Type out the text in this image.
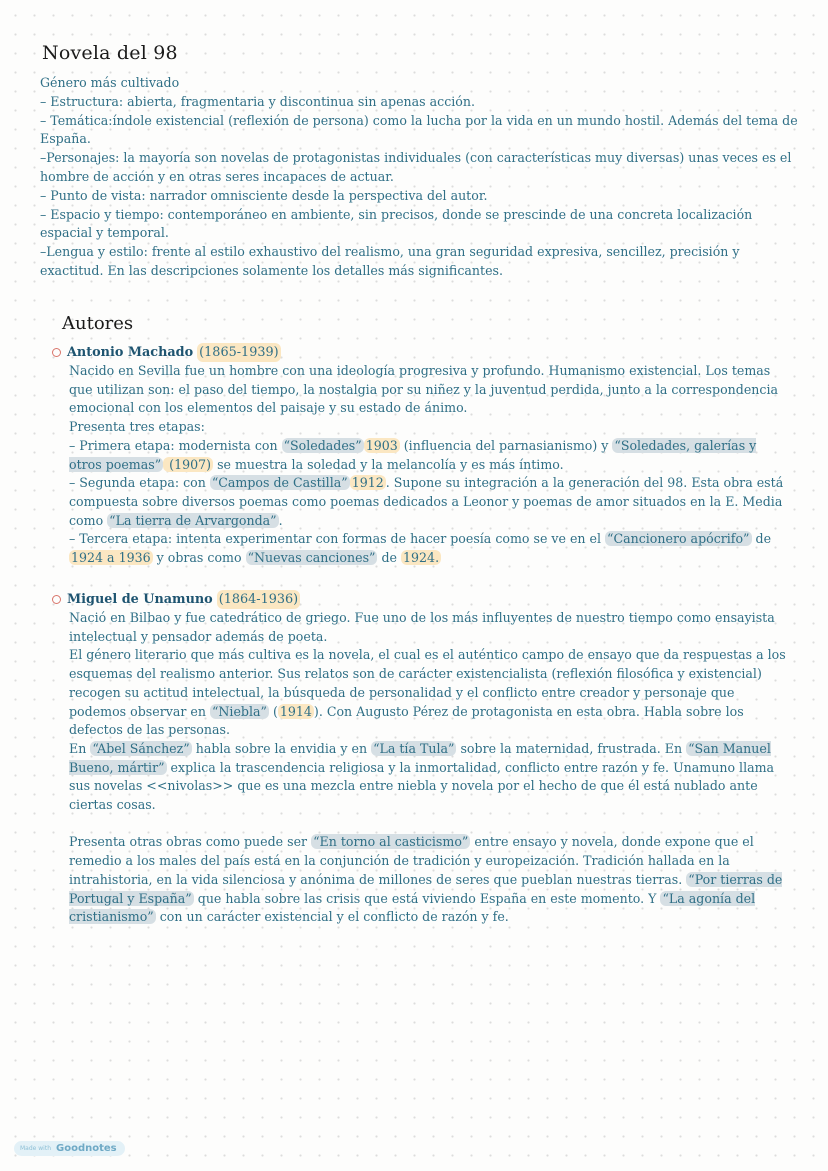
Novela del 98

Género más cultivado

– Estructura: abierta, fragmentaria y discontinua sin apenas acción.

– Temática:índole existencial (reflexión de persona) como la lucha por la vida en un mundo hostil. Además del tema de España.

–Personajes: la mayoría son novelas de protagonistas individuales (con características muy diversas) unas veces es el hombre de acción y en otras seres incapaces de actuar.

– Punto de vista: narrador omnisciente desde la perspectiva del autor.

– Espacio y tiempo: contemporáneo en ambiente, sin precisos, donde se prescinde de una concreta localización espacial y temporal.

–Lengua y estilo: frente al estilo exhaustivo del realismo, una gran seguridad expresiva, sencillez, precisión y exactitud. En las descripciones solamente los detalles más significantes.

Autores
Antonio Machado (1865-1939)

Nacido en Sevilla fue un hombre con una ideología progresiva y profundo. Humanismo existencial. Los temas que utilizan son: el paso del tiempo, la nostalgia por su niñez y la juventud perdida, junto a la correspondencia emocional con los elementos del paisaje y su estado de ánimo.

Presenta tres etapas:

– Primera etapa: modernista con “Soledades” 1903 (influencia del parnasianismo) y “Soledades, galerías y otros poemas” (1907) se muestra la soledad y la melancolía y es más íntimo.

– Segunda etapa: con “Campos de Castilla” 1912 . Supone su integración a la generación del 98. Esta obra está compuesta sobre diversos poemas como poemas dedicados a Leonor y poemas de amor situados en la E. Media como “La tierra de Arvargonda” .

– Tercera etapa: intenta experimentar con formas de hacer poesía como se ve en el “Cancionero apócrifo” de 1924 a 1936 y obras como “Nuevas canciones” de 1924.

Miguel de Unamuno (1864-1936)

Nació en Bilbao y fue catedrático de griego. Fue uno de los más influyentes de nuestro tiempo como ensayista intelectual y pensador además de poeta.

El género literario que más cultiva es la novela, el cual es el auténtico campo de ensayo que da respuestas a los esquemas del realismo anterior. Sus relatos son de carácter existencialista (reflexión filosófica y existencial) recogen su actitud intelectual, la búsqueda de personalidad y el conflicto entre creador y personaje que podemos observar en “Niebla” ( 1914 ). Con Augusto Pérez de protagonista en esta obra. Habla sobre los defectos de las personas.

En “Abel Sánchez” habla sobre la envidia y en “La tía Tula” sobre la maternidad, frustrada. En “San Manuel Bueno, mártir” explica la trascendencia religiosa y la inmortalidad, conflicto entre razón y fe. Unamuno llama sus novelas <<nivolas>> que es una mezcla entre niebla y novela por el hecho de que él está nublado ante ciertas cosas.

Presenta otras obras como puede ser “En torno al casticismo” entre ensayo y novela, donde expone que el remedio a los males del país está en la conjunción de tradición y europeización. Tradición hallada en la intrahistoria, en la vida silenciosa y anónima de millones de seres que pueblan nuestras tierras. “Por tierras de Portugal y España” que habla sobre las crisis que está viviendo España en este momento. Y “La agonía del cristianismo” con un carácter existencial y el conflicto de razón y fe.

Made with Goodnotes
